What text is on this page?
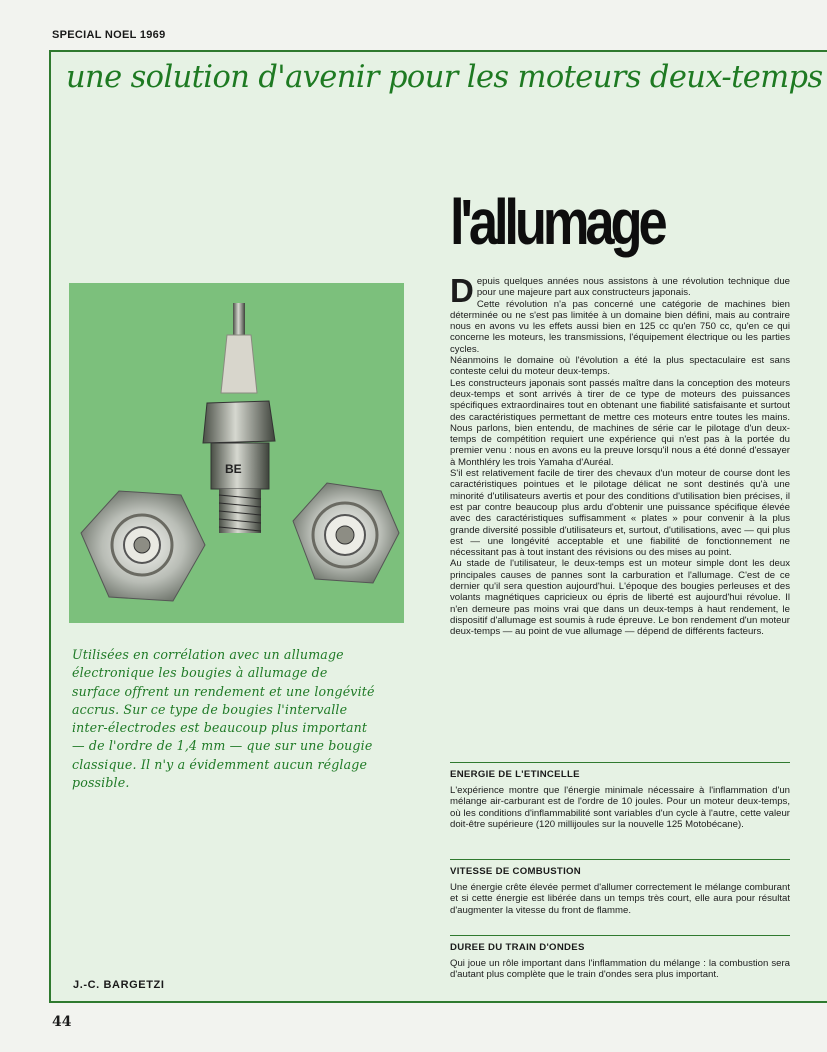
SPECIAL NOEL 1969
une solution d'avenir pour les moteurs deux-temps
BE
Utilisées en corrélation avec un allumage électronique les bougies à allumage de surface offrent un rendement et une longévité accrus. Sur ce type de bougies l'intervalle inter-électrodes est beaucoup plus important — de l'ordre de 1,4 mm — que sur une bougie classique. Il n'y a évidemment aucun réglage possible.
J.-C. BARGETZI
l'allumage

Depuis quelques années nous assistons à une révolution technique due pour une majeure part aux constructeurs japonais.

Cette révolution n'a pas concerné une catégorie de machines bien déterminée ou ne s'est pas limitée à un domaine bien défini, mais au contraire nous en avons vu les effets aussi bien en 125 cc qu'en 750 cc, qu'en ce qui concerne les moteurs, les transmissions, l'équipement électrique ou les parties cycles.

Néanmoins le domaine où l'évolution a été la plus spectaculaire est sans conteste celui du moteur deux-temps.

Les constructeurs japonais sont passés maître dans la conception des moteurs deux-temps et sont arrivés à tirer de ce type de moteurs des puissances spécifiques extraordinaires tout en obtenant une fiabilité satisfaisante et surtout des caractéristiques permettant de mettre ces moteurs entre toutes les mains. Nous parlons, bien entendu, de machines de série car le pilotage d'un deux-temps de compétition requiert une expérience qui n'est pas à la portée du premier venu : nous en avons eu la preuve lorsqu'il nous a été donné d'essayer à Monthléry les trois Yamaha d'Auréal.

S'il est relativement facile de tirer des chevaux d'un moteur de course dont les caractéristiques pointues et le pilotage délicat ne sont destinés qu'à une minorité d'utilisateurs avertis et pour des conditions d'utilisation bien précises, il est par contre beaucoup plus ardu d'obtenir une puissance spécifique élevée avec des caractéristiques suffisamment « plates » pour convenir à la plus grande diversité possible d'utilisateurs et, surtout, d'utilisations, avec — qui plus est — une longévité acceptable et une fiabilité de fonctionnement ne nécessitant pas à tout instant des révisions ou des mises au point.

Au stade de l'utilisateur, le deux-temps est un moteur simple dont les deux principales causes de pannes sont la carburation et l'allumage. C'est de ce dernier qu'il sera question aujourd'hui. L'époque des bougies perleuses et des volants magnétiques capricieux ou épris de liberté est aujourd'hui révolue. Il n'en demeure pas moins vrai que dans un deux-temps à haut rendement, le dispositif d'allumage est soumis à rude épreuve. Le bon rendement d'un moteur deux-temps — au point de vue allumage — dépend de différents facteurs.

ENERGIE DE L'ETINCELLE
L'expérience montre que l'énergie minimale nécessaire à l'inflammation d'un mélange air-carburant est de l'ordre de 10 joules. Pour un moteur deux-temps, où les conditions d'inflammabilité sont variables d'un cycle à l'autre, cette valeur doit-être supérieure (120 millijoules sur la nouvelle 125 Motobécane).
VITESSE DE COMBUSTION
Une énergie crête élevée permet d'allumer correctement le mélange comburant et si cette énergie est libérée dans un temps très court, elle aura pour résultat d'augmenter la vitesse du front de flamme.
DUREE DU TRAIN D'ONDES
Qui joue un rôle important dans l'inflammation du mélange : la combustion sera d'autant plus complète que le train d'ondes sera plus important.
44
